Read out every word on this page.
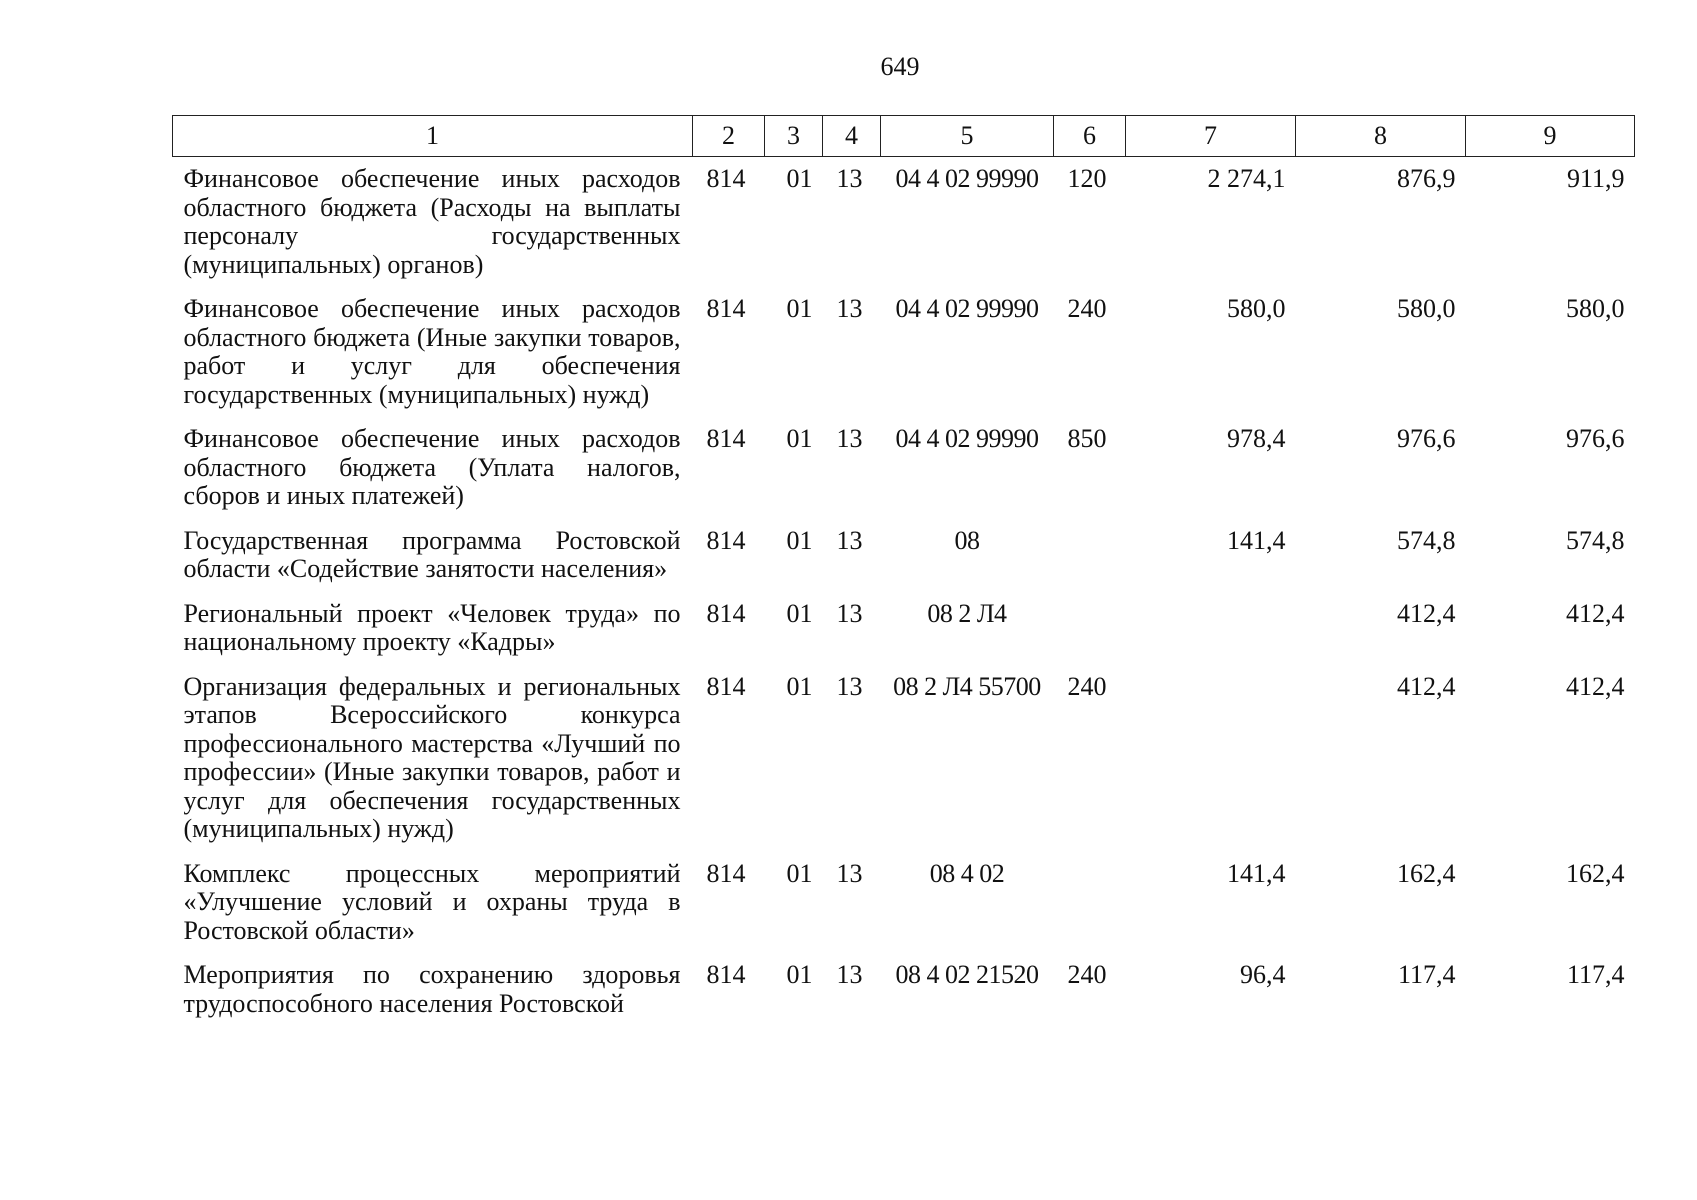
649
1	2	3	4	5	6	7	8	9
Финансовое обеспечение иных расходов областного бюджета (Расходы на выплаты персоналу государственных (муниципальных) органов)	814	01	13	04 4 02 99990	120	2 274,1	876,9	911,9
Финансовое обеспечение иных расходов областного бюджета (Иные закупки товаров, работ и услуг для обеспечения государственных (муниципальных) нужд)	814	01	13	04 4 02 99990	240	580,0	580,0	580,0
Финансовое обеспечение иных расходов областного бюджета (Уплата налогов, сборов и иных платежей)	814	01	13	04 4 02 99990	850	978,4	976,6	976,6
Государственная программа Ростовской области «Содействие занятости населения»	814	01	13	08		141,4	574,8	574,8
Региональный проект «Человек труда» по национальному проекту «Кадры»	814	01	13	08 2 Л4			412,4	412,4
Организация федеральных и региональных этапов Всероссийского конкурса профессионального мастерства «Лучший по профессии» (Иные закупки товаров, работ и услуг для обеспечения государственных (муниципальных) нужд)	814	01	13	08 2 Л4 55700	240		412,4	412,4
Комплекс процессных мероприятий «Улучшение условий и охраны труда в Ростовской области»	814	01	13	08 4 02		141,4	162,4	162,4
Мероприятия по сохранению здоровья трудоспособного населения Ростовской	814	01	13	08 4 02 21520	240	96,4	117,4	117,4
